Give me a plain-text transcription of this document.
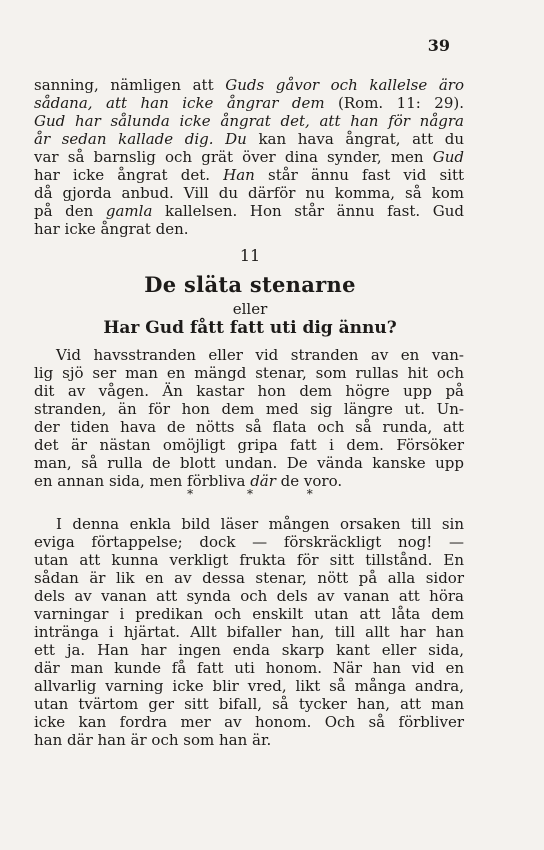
39
sanning, nämligen att Guds gåvor och kallelse äro
sådana, att han icke ångrar dem (Rom. 11: 29).
Gud har sålunda icke ångrat det, att han för några
år sedan kallade dig. Du kan hava ångrat, att du
var så barnslig och grät över dina synder, men Gud
har icke ångrat det. Han står ännu fast vid sitt
då gjorda anbud. Vill du därför nu komma, så kom
på den gamla kallelsen. Hon står ännu fast. Gud
har icke ångrat den.
11
De släta stenarne
eller
Har Gud fått fatt uti dig ännu?
Vid havsstranden eller vid stranden av en van-
lig sjö ser man en mängd stenar, som rullas hit och
dit av vågen. Än kastar hon dem högre upp på
stranden, än för hon dem med sig längre ut. Un-
der tiden hava de nötts så flata och så runda, att
det är nästan omöjligt gripa fatt i dem. Försöker
man, så rulla de blott undan. De vända kanske upp
en annan sida, men förbliva där de voro.
* * *
I denna enkla bild läser mången orsaken till sin
eviga förtappelse; dock — förskräckligt nog! —
utan att kunna verkligt frukta för sitt tillstånd. En
sådan är lik en av dessa stenar, nött på alla sidor
dels av vanan att synda och dels av vanan att höra
varningar i predikan och enskilt utan att låta dem
intränga i hjärtat. Allt bifaller han, till allt har han
ett ja. Han har ingen enda skarp kant eller sida,
där man kunde få fatt uti honom. När han vid en
allvarlig varning icke blir vred, likt så många andra,
utan tvärtom ger sitt bifall, så tycker han, att man
icke kan fordra mer av honom. Och så förbliver
han där han är och som han är.
